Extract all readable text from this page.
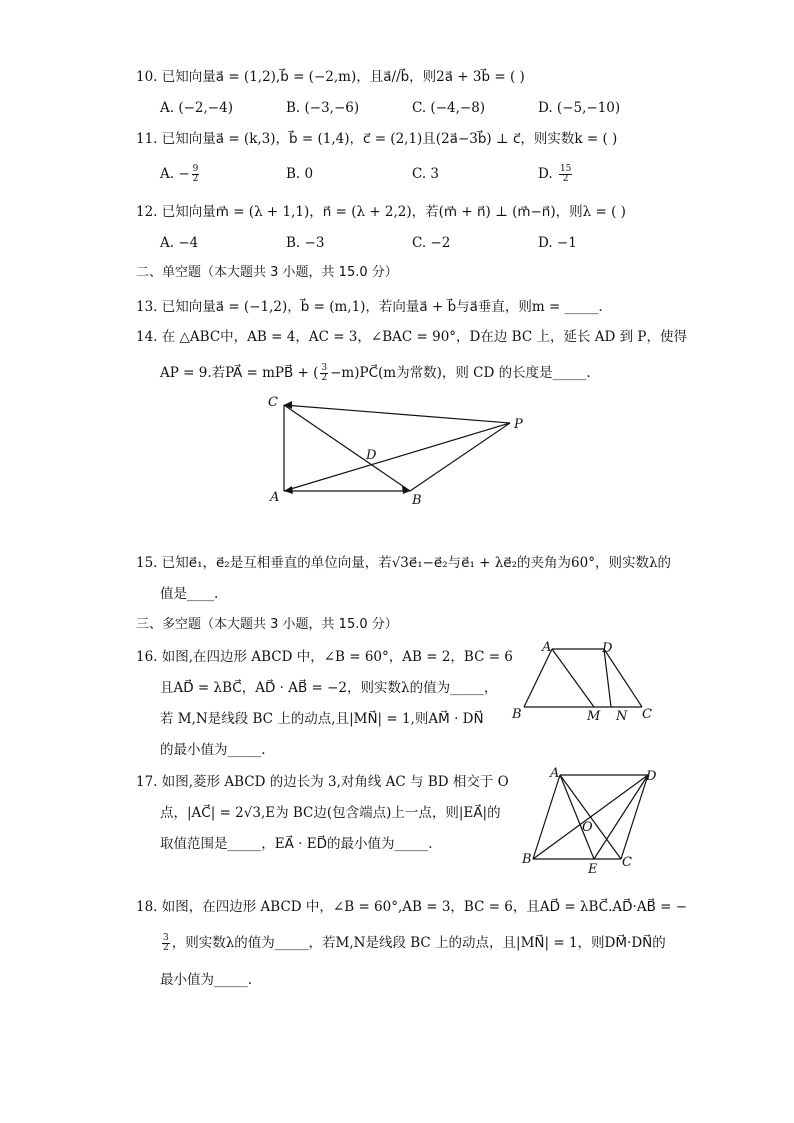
10. 已知向量a⃗ = (1,2),b⃗ = (−2,m)，且a⃗//b⃗，则2a⃗ + 3b⃗ = ( )
A. (−2,−4)	B. (−3,−6)	C. (−4,−8)	D. (−5,−10)
11. 已知向量a⃗ = (k,3)，b⃗ = (1,4)，c⃗ = (2,1)且(2a⃗−3b⃗) ⊥ c⃗，则实数k = ( )
A. − $\frac{9}{2}$	B. 0	C. 3	D. $\frac{15}{2}$
12. 已知向量m⃗ = (λ + 1,1)，n⃗ = (λ + 2,2)，若(m⃗ + n⃗) ⊥ (m⃗−n⃗)，则λ = ( )
A. −4	B. −3	C. −2	D. −1
二、单空题（本大题共 3 小题，共 15.0 分）
13. 已知向量a⃗ = (−1,2)，b⃗ = (m,1)，若向量a⃗ + b⃗与a⃗垂直，则m = _____.
14. 在 △ABC中，AB = 4，AC = 3，∠BAC = 90°，D在边 BC 上，延长 AD 到 P，使得
AP = 9.若PA⃗ = mPB⃗ + ( $\frac{3}{2}$ −m)PC⃗(m为常数)，则 CD 的长度是_____.
C
P
D
A	B
15. 已知e⃗₁，e⃗₂是互相垂直的单位向量，若√3e⃗₁−e⃗₂与e⃗₁ + λe⃗₂的夹角为60°，则实数λ的
值是____.
三、多空题（本大题共 3 小题，共 15.0 分）
16. 如图,在四边形 ABCD 中，∠B = 60°，AB = 2，BC = 6
且AD⃗ = λBC⃗，AD⃗ · AB⃗ = −2，则实数λ的值为_____，
若 M,N是线段 BC 上的动点,且|MN⃗| = 1,则AM⃗ · DN⃗
的最小值为_____.
A	D
B	M N C
17. 如图,菱形 ABCD 的边长为 3,对角线 AC 与 BD 相交于 O
点，|AC⃗| = 2√3,E为 BC边(包含端点)上一点，则|EA⃗|的
取值范围是_____，EA⃗ · ED⃗的最小值为_____.
A	D
O
B
E C
18. 如图，在四边形 ABCD 中，∠B = 60°,AB = 3，BC = 6，且AD⃗ = λBC⃗.AD⃗·AB⃗ = −
$\frac{3}{2}$ ，则实数λ的值为_____，若M,N是线段 BC 上的动点，且|MN⃗| = 1，则DM⃗·DN⃗的
最小值为_____.
